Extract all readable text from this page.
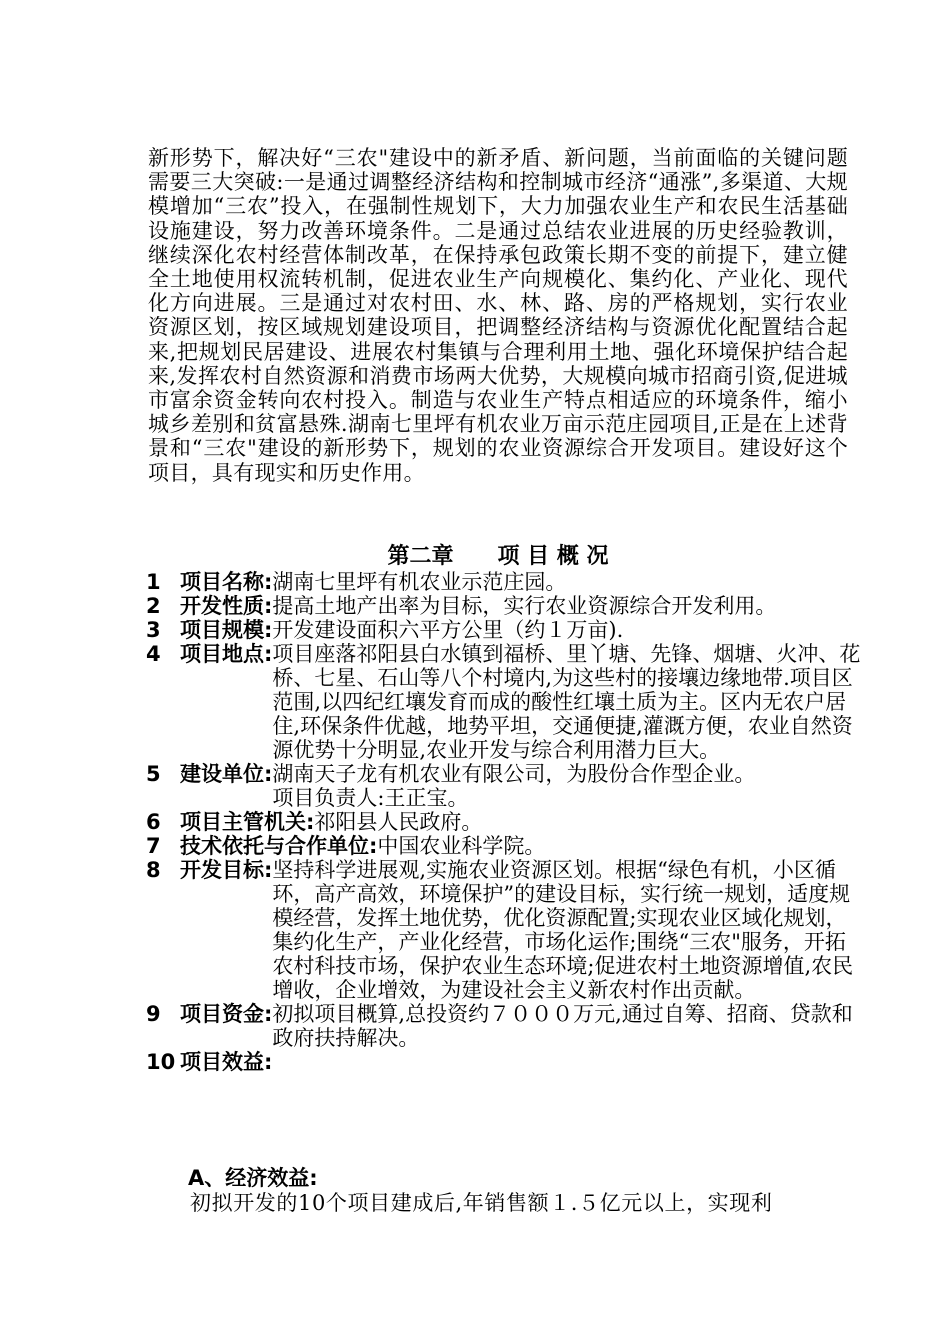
新形势下，解决好“三农"建设中的新矛盾、新问题，当前面临的关键问题需要三大突破:一是通过调整经济结构和控制城市经济“通涨”,多渠道、大规模增加“三农”投入，在强制性规划下，大力加强农业生产和农民生活基础设施建设，努力改善环境条件。二是通过总结农业进展的历史经验教训，继续深化农村经营体制改革，在保持承包政策长期不变的前提下，建立健全土地使用权流转机制，促进农业生产向规模化、集约化、产业化、现代化方向进展。三是通过对农村田、水、林、路、房的严格规划，实行农业资源区划，按区域规划建设项目，把调整经济结构与资源优化配置结合起来,把规划民居建设、进展农村集镇与合理利用土地、强化环境保护结合起来,发挥农村自然资源和消费市场两大优势，大规模向城市招商引资,促进城市富余资金转向农村投入。制造与农业生产特点相适应的环境条件，缩小城乡差别和贫富悬殊.湖南七里坪有机农业万亩示范庄园项目,正是在上述背景和“三农"建设的新形势下，规划的农业资源综合开发项目。建设好这个项目，具有现实和历史作用。
第二章　　项 目 概 况
1 项目名称: 湖南七里坪有机农业示范庄园。
2 开发性质: 提高土地产出率为目标，实行农业资源综合开发利用。
3 项目规模: 开发建设面积六平方公里（约１万亩).
4 项目地点: 项目座落祁阳县白水镇到福桥、里丫塘、先锋、烟塘、火冲、花桥、七星、石山等八个村境内,为这些村的接壤边缘地带.项目区范围,以四纪红壤发育而成的酸性红壤土质为主。区内无农户居住,环保条件优越，地势平坦，交通便捷,灌溉方便，农业自然资源优势十分明显,农业开发与综合利用潜力巨大。
5 建设单位: 湖南天子龙有机农业有限公司，为股份合作型企业。

项目负责人:王正宝。

6 项目主管机关: 祁阳县人民政府。
7 技术依托与合作单位: 中国农业科学院。
8 开发目标: 坚持科学进展观,实施农业资源区划。根据“绿色有机，小区循环，高产高效，环境保护”的建设目标，实行统一规划，适度规模经营，发挥土地优势，优化资源配置;实现农业区域化规划，集约化生产，产业化经营，市场化运作;围绕“三农"服务，开拓农村科技市场，保护农业生态环境;促进农村土地资源增值,农民增收，企业增效，为建设社会主义新农村作出贡献。
9 项目资金: 初拟项目概算,总投资约７０００万元,通过自筹、招商、贷款和政府扶持解决。
10 项目效益:
A、经济效益:
初拟开发的10个项目建成后,年销售额１.５亿元以上，实现利
